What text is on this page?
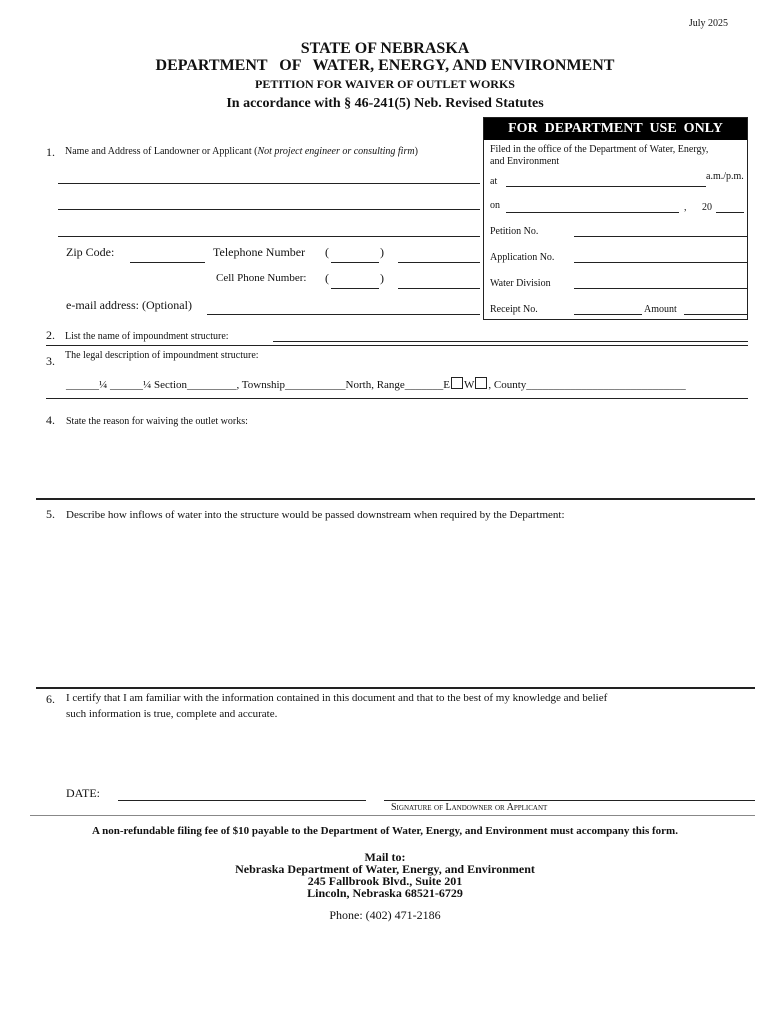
July 2025
STATE OF NEBRASKA
DEPARTMENT   OF   WATER, ENERGY, AND ENVIRONMENT
PETITION FOR WAIVER OF OUTLET WORKS
In accordance with § 46-241(5) Neb. Revised Statutes
FOR  DEPARTMENT  USE  ONLY
Filed in the office of the Department of Water, Energy,
and Environment
at	a.m./p.m.
on	, 20
Petition No.
Application No.
Water Division
Receipt No.	Amount
1. Name and Address of Landowner or Applicant (Not project engineer or consulting firm)
Zip Code:	Telephone Number (	)
Cell Phone Number: (	)
e-mail address: (Optional)
2. List the name of impoundment structure:
3. The legal description of impoundment structure:
______¼ ______¼ Section_________, Township___________North, Range_______E W , County_____________________________
4. State the reason for waiving the outlet works:
5. Describe how inflows of water into the structure would be passed downstream when required by the Department:
6. I certify that I am familiar with the information contained in this document and that to the best of my knowledge and belief
such information is true, complete and accurate.
DATE:
Signature of Landowner or Applicant
A non-refundable filing fee of $10 payable to the Department of Water, Energy, and Environment must accompany this form.
Mail to:
Nebraska Department of Water, Energy, and Environment
245 Fallbrook Blvd., Suite 201
Lincoln, Nebraska 68521-6729
Phone: (402) 471-2186
